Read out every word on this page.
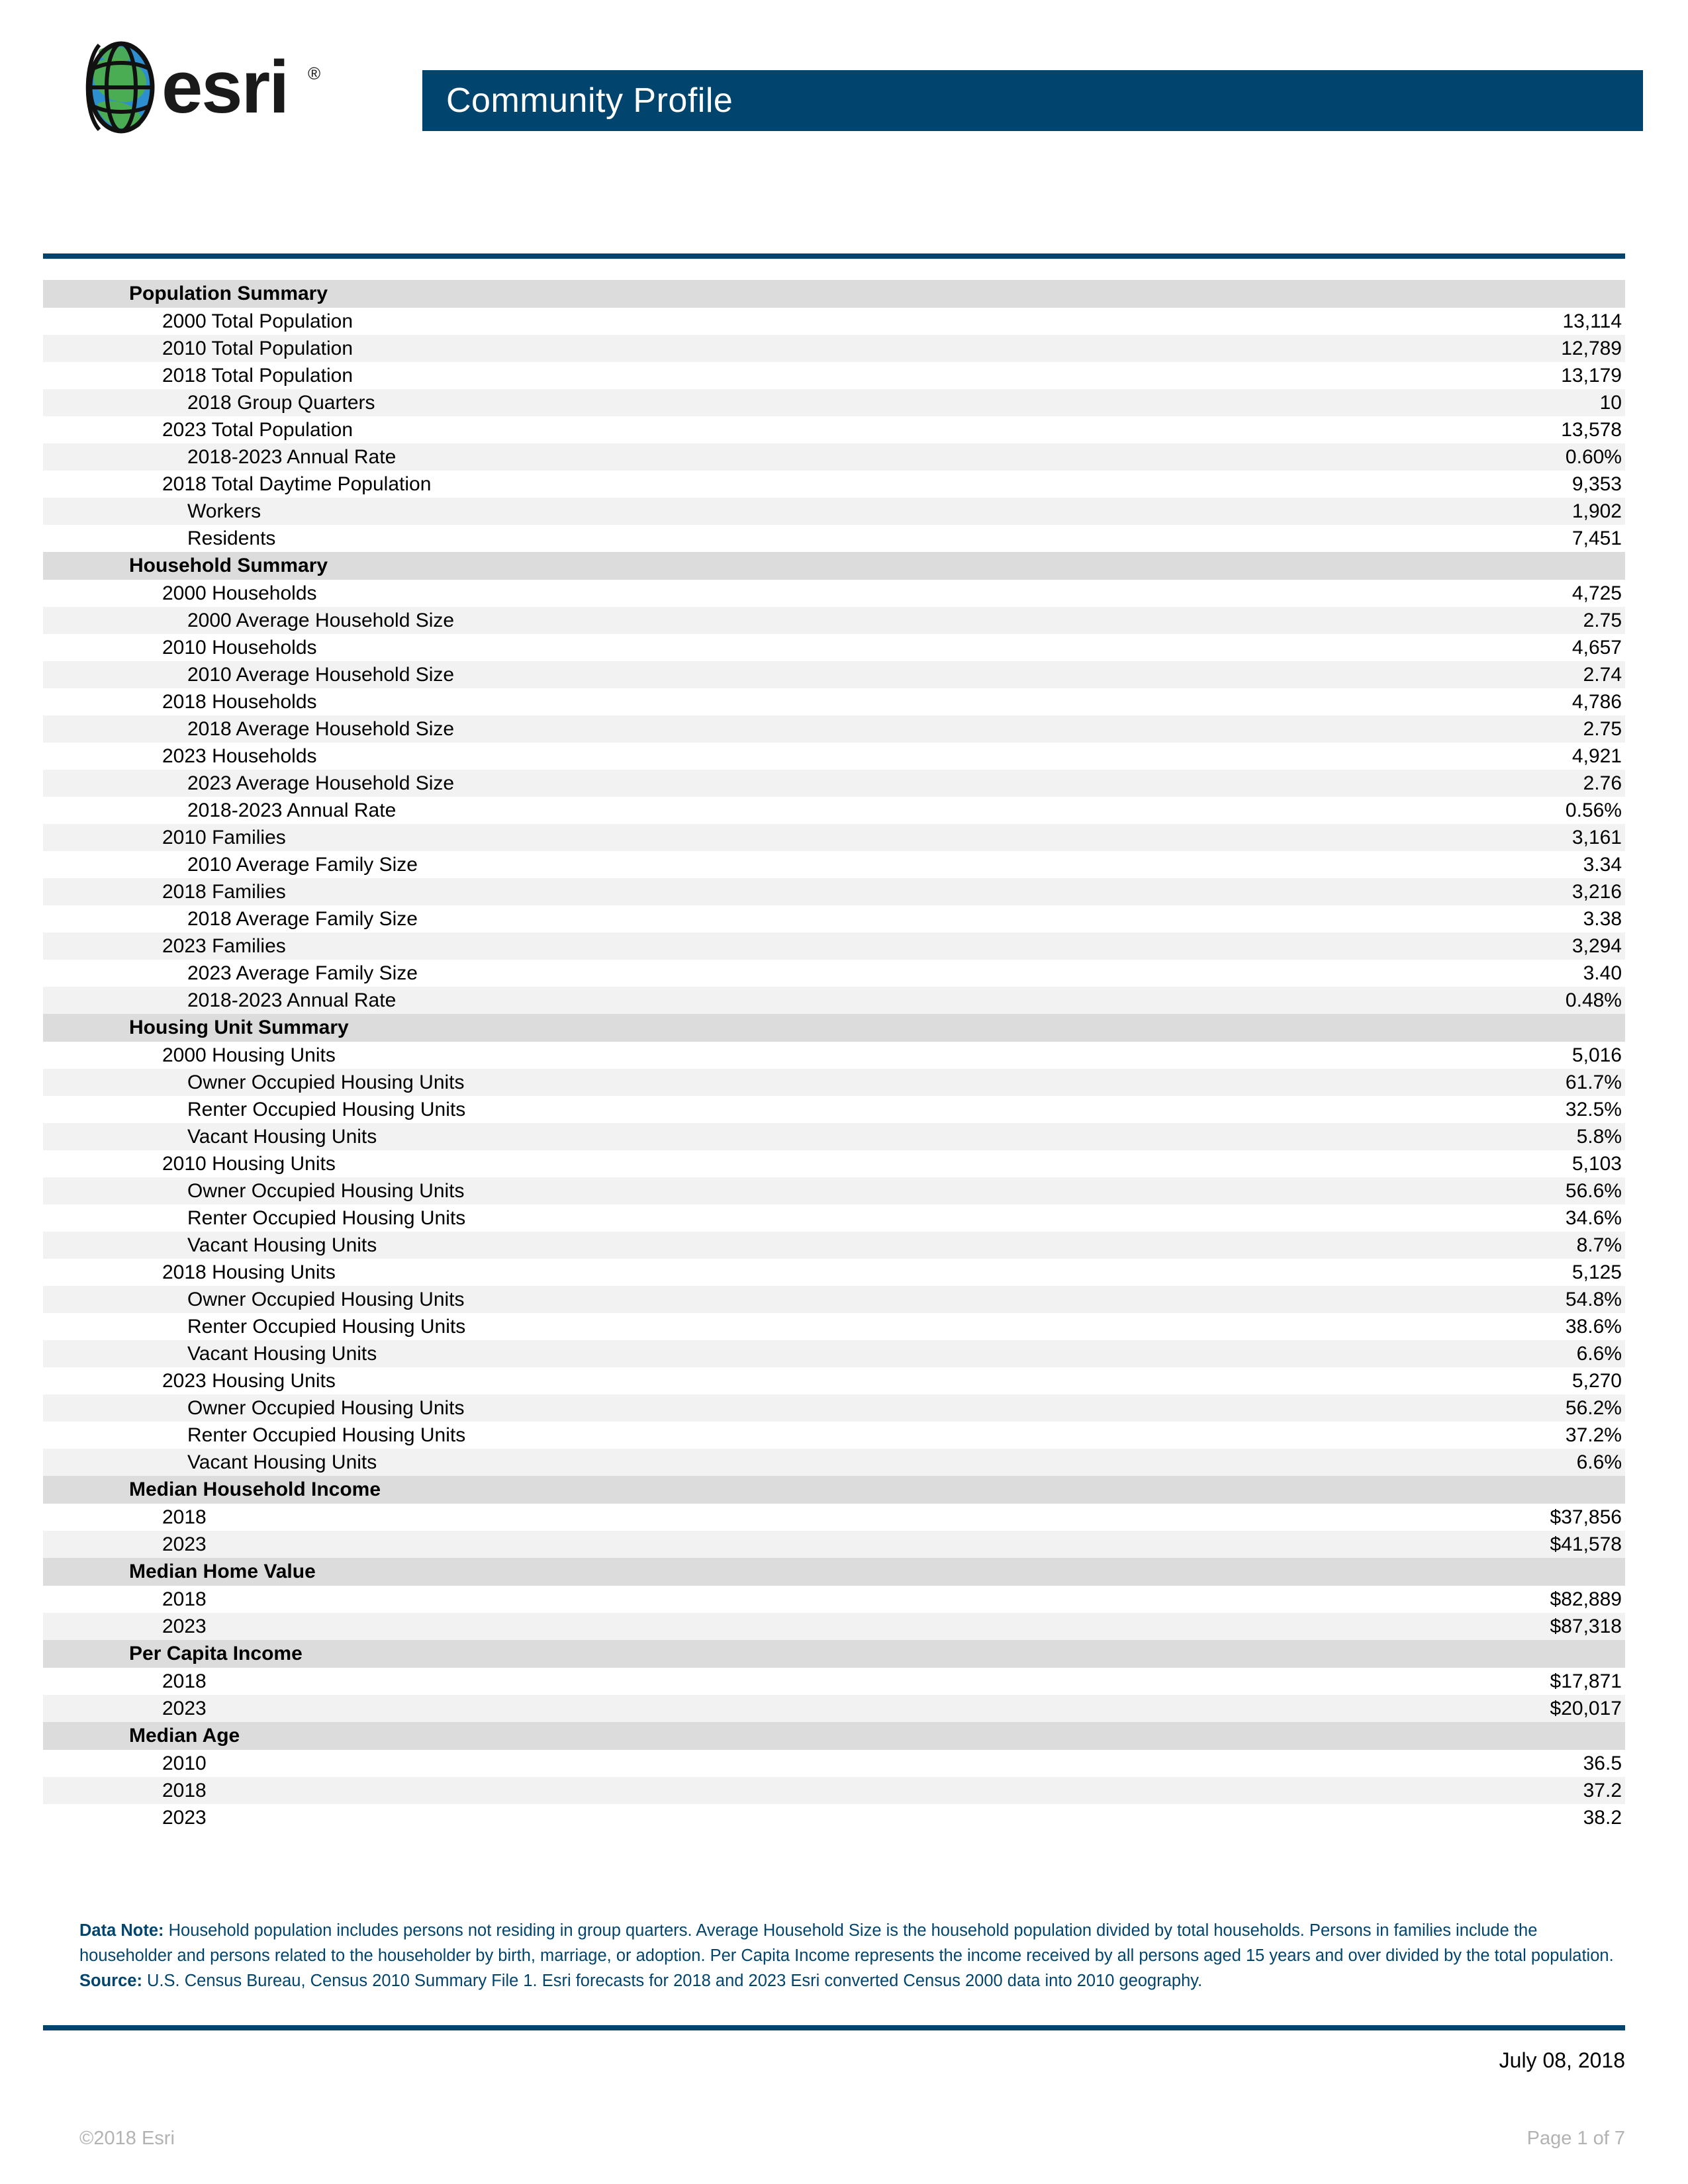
esri ®
Community Profile
Population Summary
2000 Total Population	13,114
2010 Total Population	12,789
2018 Total Population	13,179
2018 Group Quarters	10
2023 Total Population	13,578
2018-2023 Annual Rate	0.60%
2018 Total Daytime Population	9,353
Workers	1,902
Residents	7,451
Household Summary
2000 Households	4,725
2000 Average Household Size	2.75
2010 Households	4,657
2010 Average Household Size	2.74
2018 Households	4,786
2018 Average Household Size	2.75
2023 Households	4,921
2023 Average Household Size	2.76
2018-2023 Annual Rate	0.56%
2010 Families	3,161
2010 Average Family Size	3.34
2018 Families	3,216
2018 Average Family Size	3.38
2023 Families	3,294
2023 Average Family Size	3.40
2018-2023 Annual Rate	0.48%
Housing Unit Summary
2000 Housing Units	5,016
Owner Occupied Housing Units	61.7%
Renter Occupied Housing Units	32.5%
Vacant Housing Units	5.8%
2010 Housing Units	5,103
Owner Occupied Housing Units	56.6%
Renter Occupied Housing Units	34.6%
Vacant Housing Units	8.7%
2018 Housing Units	5,125
Owner Occupied Housing Units	54.8%
Renter Occupied Housing Units	38.6%
Vacant Housing Units	6.6%
2023 Housing Units	5,270
Owner Occupied Housing Units	56.2%
Renter Occupied Housing Units	37.2%
Vacant Housing Units	6.6%
Median Household Income
2018	$37,856
2023	$41,578
Median Home Value
2018	$82,889
2023	$87,318
Per Capita Income
2018	$17,871
2023	$20,017
Median Age
2010	36.5
2018	37.2
2023	38.2

Data Note: Household population includes persons not residing in group quarters. Average Household Size is the household population divided by total households. Persons in families include the householder and persons related to the householder by birth, marriage, or adoption. Per Capita Income represents the income received by all persons aged 15 years and over divided by the total population.

Source: U.S. Census Bureau, Census 2010 Summary File 1. Esri forecasts for 2018 and 2023 Esri converted Census 2000 data into 2010 geography.

July 08, 2018
©2018 Esri	Page 1 of 7
